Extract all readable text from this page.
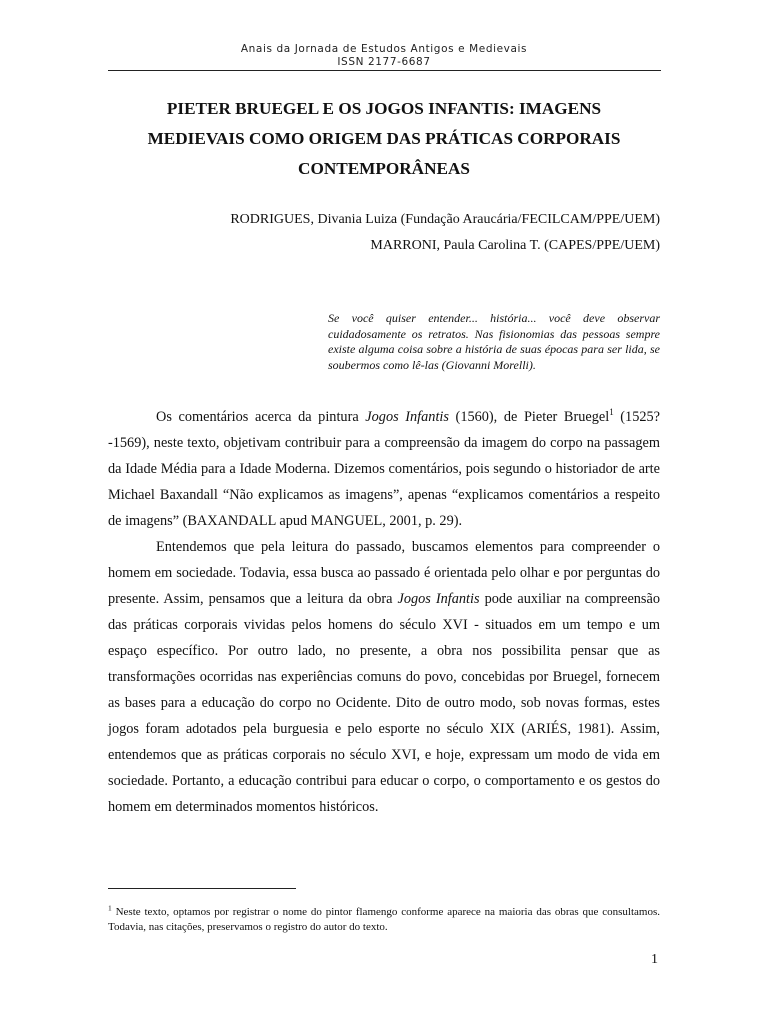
Anais da Jornada de Estudos Antigos e Medievais
ISSN 2177-6687
PIETER BRUEGEL E OS JOGOS INFANTIS: IMAGENS
MEDIEVAIS COMO ORIGEM DAS PRÁTICAS CORPORAIS
CONTEMPORÂNEAS
RODRIGUES, Divania Luiza (Fundação Araucária/FECILCAM/PPE/UEM)
MARRONI, Paula Carolina T. (CAPES/PPE/UEM)
Se você quiser entender... história... você deve observar cuidadosamente os retratos. Nas fisionomias das pessoas sempre existe alguma coisa sobre a história de suas épocas para ser lida, se soubermos como lê-las (Giovanni Morelli).

Os comentários acerca da pintura Jogos Infantis (1560), de Pieter Bruegel$^1$ (1525?-1569), neste texto, objetivam contribuir para a compreensão da imagem do corpo na passagem da Idade Média para a Idade Moderna. Dizemos comentários, pois segundo o historiador de arte Michael Baxandall “Não explicamos as imagens”, apenas “explicamos comentários a respeito de imagens” (BAXANDALL apud MANGUEL, 2001, p. 29).

Entendemos que pela leitura do passado, buscamos elementos para compreender o homem em sociedade. Todavia, essa busca ao passado é orientada pelo olhar e por perguntas do presente. Assim, pensamos que a leitura da obra Jogos Infantis pode auxiliar na compreensão das práticas corporais vividas pelos homens do século XVI - situados em um tempo e um espaço específico. Por outro lado, no presente, a obra nos possibilita pensar que as transformações ocorridas nas experiências comuns do povo, concebidas por Bruegel, fornecem as bases para a educação do corpo no Ocidente. Dito de outro modo, sob novas formas, estes jogos foram adotados pela burguesia e pelo esporte no século XIX (ARIÉS, 1981). Assim, entendemos que as práticas corporais no século XVI, e hoje, expressam um modo de vida em sociedade. Portanto, a educação contribui para educar o corpo, o comportamento e os gestos do homem em determinados momentos históricos.

$^1$ Neste texto, optamos por registrar o nome do pintor flamengo conforme aparece na maioria das obras que consultamos. Todavia, nas citações, preservamos o registro do autor do texto.
1
